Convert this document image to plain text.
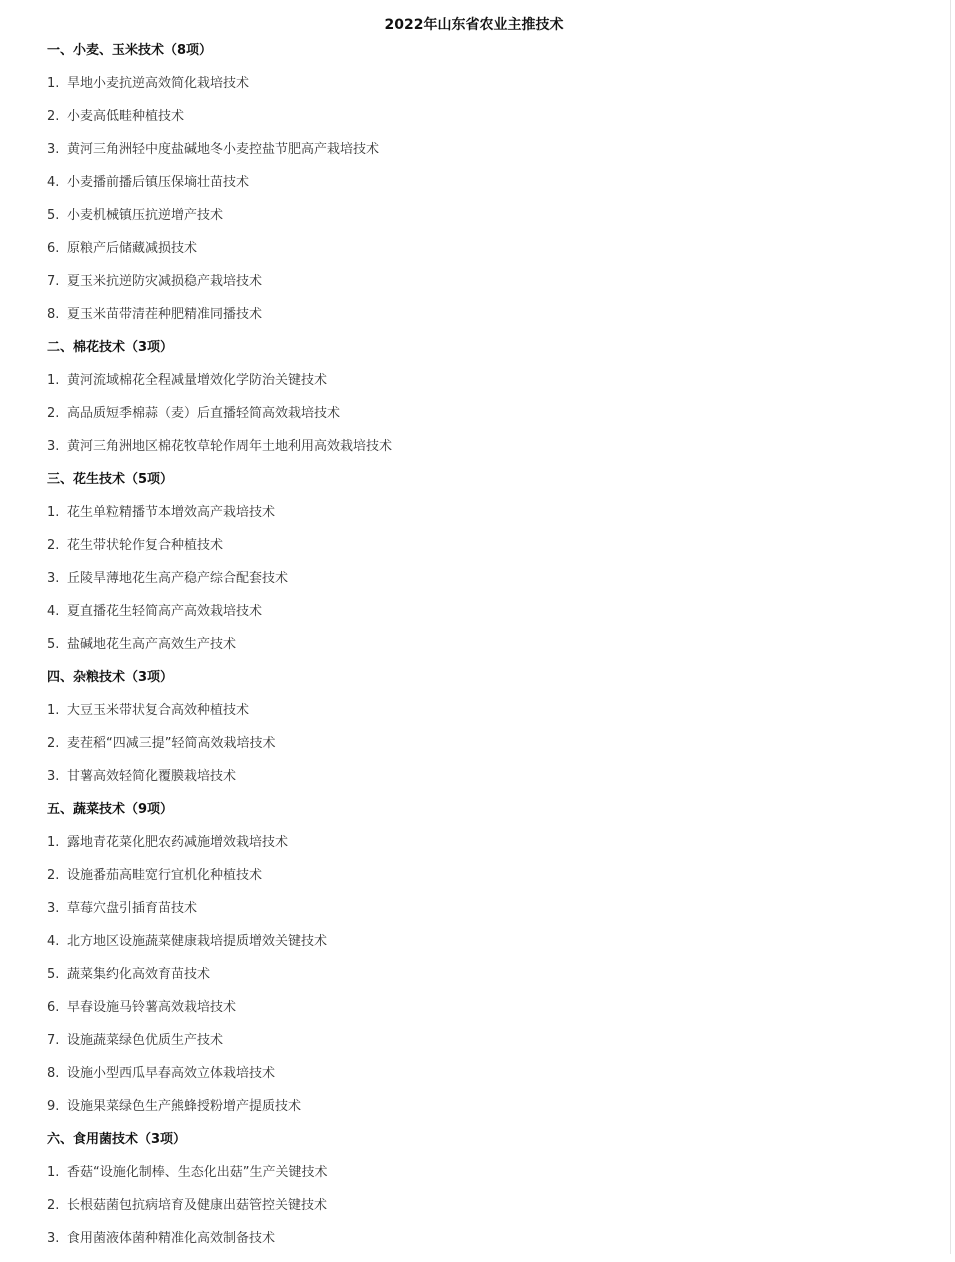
2022年山东省农业主推技术
一、小麦、玉米技术（8项）
1. 旱地小麦抗逆高效简化栽培技术
2. 小麦高低畦种植技术
3. 黄河三角洲轻中度盐碱地冬小麦控盐节肥高产栽培技术
4. 小麦播前播后镇压保墒壮苗技术
5. 小麦机械镇压抗逆增产技术
6. 原粮产后储藏减损技术
7. 夏玉米抗逆防灾减损稳产栽培技术
8. 夏玉米苗带清茬种肥精准同播技术
二、棉花技术（3项）
1. 黄河流域棉花全程减量增效化学防治关键技术
2. 高品质短季棉蒜（麦）后直播轻简高效栽培技术
3. 黄河三角洲地区棉花牧草轮作周年土地利用高效栽培技术
三、花生技术（5项）
1. 花生单粒精播节本增效高产栽培技术
2. 花生带状轮作复合种植技术
3. 丘陵旱薄地花生高产稳产综合配套技术
4. 夏直播花生轻简高产高效栽培技术
5. 盐碱地花生高产高效生产技术
四、杂粮技术（3项）
1. 大豆玉米带状复合高效种植技术
2. 麦茬稻“四减三提”轻简高效栽培技术
3. 甘薯高效轻简化覆膜栽培技术
五、蔬菜技术（9项）
1. 露地青花菜化肥农药减施增效栽培技术
2. 设施番茄高畦宽行宜机化种植技术
3. 草莓穴盘引插育苗技术
4. 北方地区设施蔬菜健康栽培提质增效关键技术
5. 蔬菜集约化高效育苗技术
6. 早春设施马铃薯高效栽培技术
7. 设施蔬菜绿色优质生产技术
8. 设施小型西瓜早春高效立体栽培技术
9. 设施果菜绿色生产熊蜂授粉增产提质技术
六、食用菌技术（3项）
1. 香菇“设施化制棒、生态化出菇”生产关键技术
2. 长根菇菌包抗病培育及健康出菇管控关键技术
3. 食用菌液体菌种精准化高效制备技术
